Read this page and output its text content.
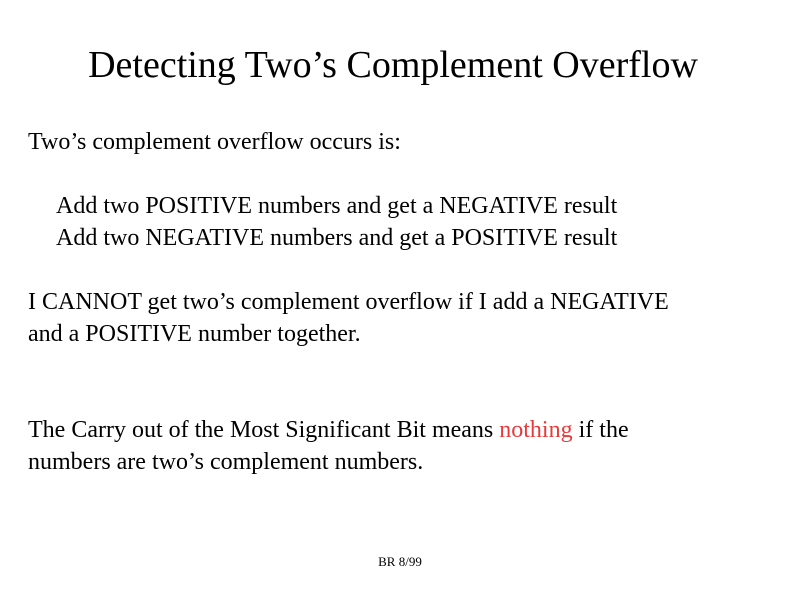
Detecting Two’s Complement Overflow
Two’s complement overflow occurs is:
Add two POSITIVE numbers and get a NEGATIVE result
Add two NEGATIVE numbers and get a POSITIVE result
I CANNOT get two’s complement overflow if I add a NEGATIVE
and a POSITIVE number together.
The Carry out of the Most Significant Bit means nothing if the
numbers are two’s complement numbers.
BR 8/99
